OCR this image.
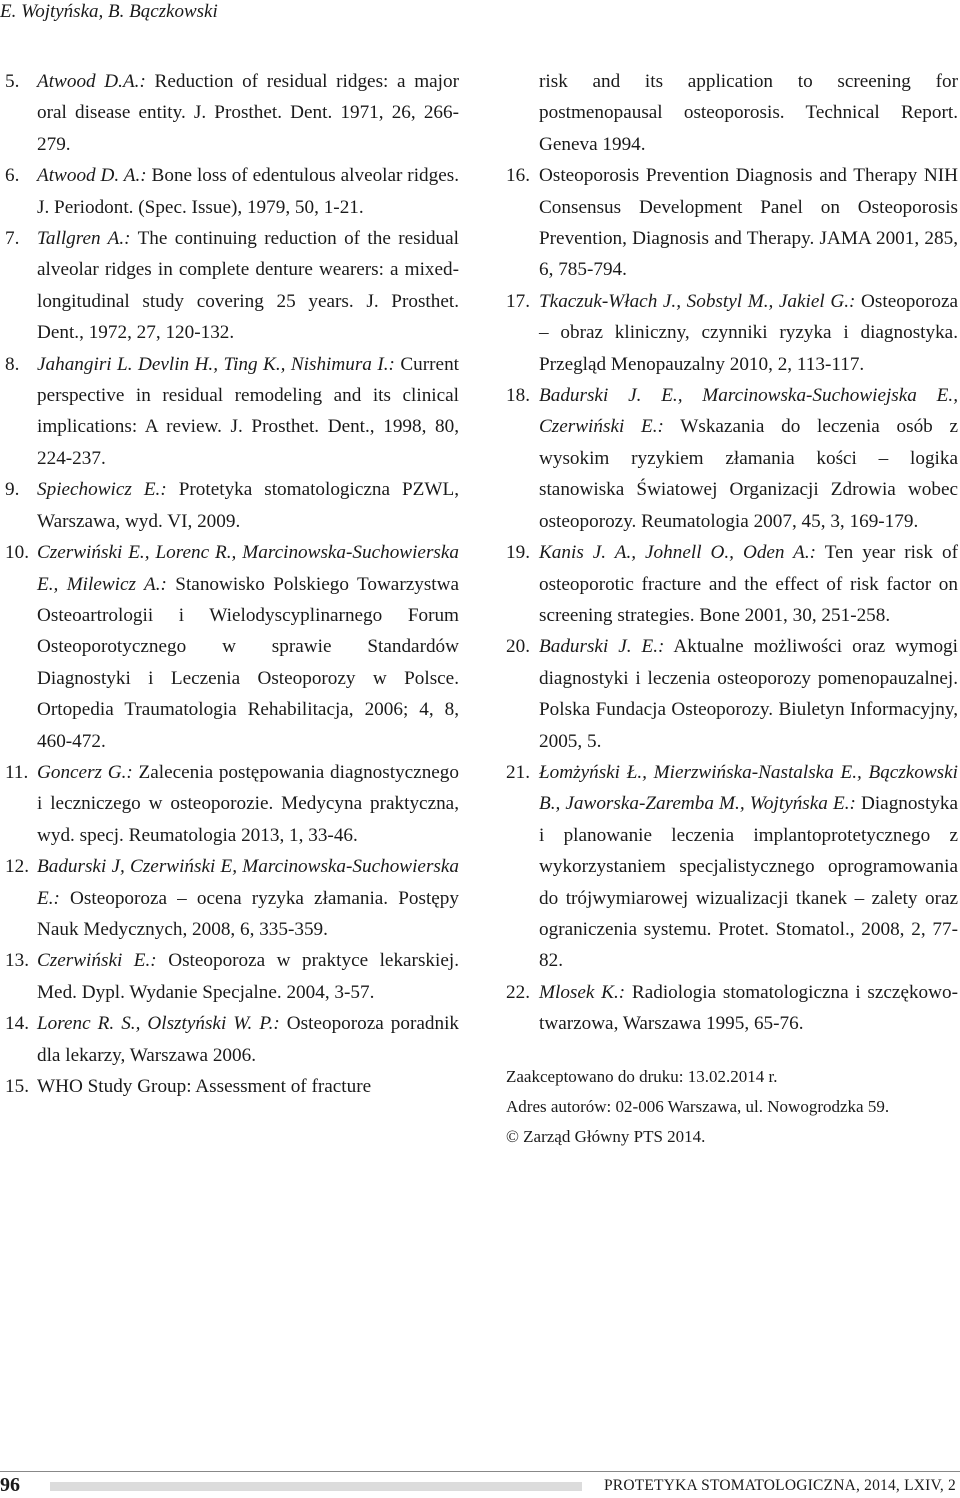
E. Wojtyńska, B. Bączkowski
5. Atwood D.A.: Reduction of residual ridges: a major oral disease entity. J. Prosthet. Dent. 1971, 26, 266-279.
6. Atwood D. A.: Bone loss of edentulous alveolar ridges. J. Periodont. (Spec. Issue), 1979, 50, 1-21.
7. Tallgren A.: The continuing reduction of the residual alveolar ridges in complete denture wearers: a mixed-longitudinal study covering 25 years. J. Prosthet. Dent., 1972, 27, 120-132.
8. Jahangiri L. Devlin H., Ting K., Nishimura I.: Current perspective in residual remodeling and its clinical implications: A review. J. Prosthet. Dent., 1998, 80, 224-237.
9. Spiechowicz E.: Protetyka stomatologiczna PZWL, Warszawa, wyd. VI, 2009.
10. Czerwiński E., Lorenc R., Marcinowska-Suchowierska E., Milewicz A.: Stanowisko Polskiego Towarzystwa Osteoartrologii i Wielodyscyplinarnego Forum Osteoporotycznego w sprawie Standardów Diagnostyki i Leczenia Osteoporozy w Polsce. Ortopedia Traumatologia Rehabilitacja, 2006; 4, 8, 460-472.
11. Goncerz G.: Zalecenia postępowania diagnostycznego i leczniczego w osteoporozie. Medycyna praktyczna, wyd. specj. Reumatologia 2013, 1, 33-46.
12. Badurski J, Czerwiński E, Marcinowska-Suchowierska E.: Osteoporoza – ocena ryzyka złamania. Postępy Nauk Medycznych, 2008, 6, 335-359.
13. Czerwiński E.: Osteoporoza w praktyce lekarskiej. Med. Dypl. Wydanie Specjalne. 2004, 3-57.
14. Lorenc R. S., Olsztyński W. P.: Osteoporoza poradnik dla lekarzy, Warszawa 2006.
15. WHO Study Group: Assessment of fracture
risk and its application to screening for postmenopausal osteoporosis. Technical Report. Geneva 1994.
16. Osteoporosis Prevention Diagnosis and Therapy NIH Consensus Development Panel on Osteoporosis Prevention, Diagnosis and Therapy. JAMA 2001, 285, 6, 785-794.
17. Tkaczuk-Włach J., Sobstyl M., Jakiel G.: Osteoporoza – obraz kliniczny, czynniki ryzyka i diagnostyka. Przegląd Menopauzalny 2010, 2, 113-117.
18. Badurski J. E., Marcinowska-Suchowiejska E., Czerwiński E.: Wskazania do leczenia osób z wysokim ryzykiem złamania kości – logika stanowiska Światowej Organizacji Zdrowia wobec osteoporozy. Reumatologia 2007, 45, 3, 169-179.
19. Kanis J. A., Johnell O., Oden A.: Ten year risk of osteoporotic fracture and the effect of risk factor on screening strategies. Bone 2001, 30, 251-258.
20. Badurski J. E.: Aktualne możliwości oraz wymogi diagnostyki i leczenia osteoporozy pomenopauzalnej. Polska Fundacja Osteoporozy. Biuletyn Informacyjny, 2005, 5.
21. Łomżyński Ł., Mierzwińska-Nastalska E., Bączkowski B., Jaworska-Zaremba M., Wojtyńska E.: Diagnostyka i planowanie leczenia implantoprotetycznego z wykorzystaniem specjalistycznego oprogramowania do trójwymiarowej wizualizacji tkanek – zalety oraz ograniczenia systemu. Protet. Stomatol., 2008, 2, 77-82.
22. Mlosek K.: Radiologia stomatologiczna i szczękowo-twarzowa, Warszawa 1995, 65-76.
Zaakceptowano do druku: 13.02.2014 r.
Adres autorów: 02-006 Warszawa, ul. Nowogrodzka 59.
© Zarząd Główny PTS 2014.
96	PROTETYKA STOMATOLOGICZNA, 2014, LXIV, 2
